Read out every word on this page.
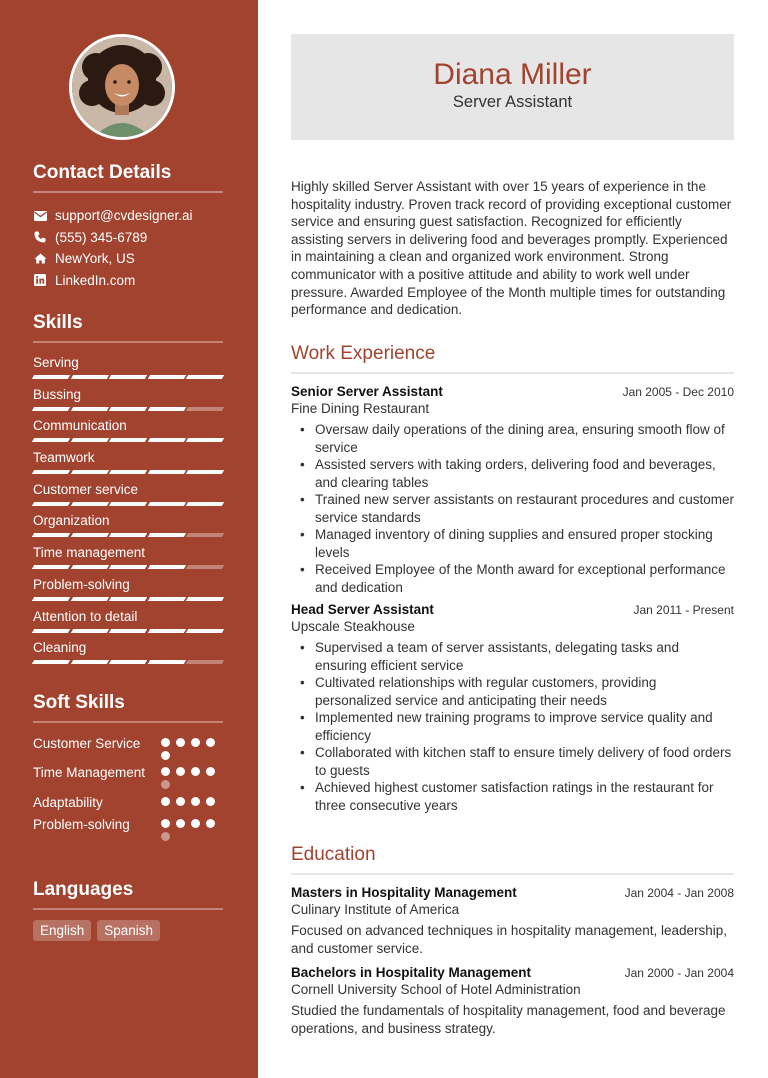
Contact Details
support@cvdesigner.ai
(555) 345-6789
NewYork, US
LinkedIn.com
Skills
Serving
Bussing
Communication
Teamwork
Customer service
Organization
Time management
Problem-solving
Attention to detail
Cleaning
Soft Skills
Customer Service
Time Management
Adaptability
Problem-solving
Languages
English	Spanish
Diana Miller
Server Assistant

Highly skilled Server Assistant with over 15 years of experience in the hospitality industry. Proven track record of providing exceptional customer service and ensuring guest satisfaction. Recognized for efficiently assisting servers in delivering food and beverages promptly. Experienced in maintaining a clean and organized work environment. Strong communicator with a positive attitude and ability to work well under pressure. Awarded Employee of the Month multiple times for outstanding performance and dedication.

Work Experience
Senior Server Assistant	Jan 2005 - Dec 2010
Fine Dining Restaurant
• Oversaw daily operations of the dining area, ensuring smooth flow of service
• Assisted servers with taking orders, delivering food and beverages, and clearing tables
• Trained new server assistants on restaurant procedures and customer service standards
• Managed inventory of dining supplies and ensured proper stocking levels
• Received Employee of the Month award for exceptional performance and dedication
Head Server Assistant	Jan 2011 - Present
Upscale Steakhouse
• Supervised a team of server assistants, delegating tasks and ensuring efficient service
• Cultivated relationships with regular customers, providing personalized service and anticipating their needs
• Implemented new training programs to improve service quality and efficiency
• Collaborated with kitchen staff to ensure timely delivery of food orders to guests
• Achieved highest customer satisfaction ratings in the restaurant for three consecutive years
Education
Masters in Hospitality Management	Jan 2004 - Jan 2008
Culinary Institute of America
Focused on advanced techniques in hospitality management, leadership, and customer service.
Bachelors in Hospitality Management	Jan 2000 - Jan 2004
Cornell University School of Hotel Administration
Studied the fundamentals of hospitality management, food and beverage operations, and business strategy.
